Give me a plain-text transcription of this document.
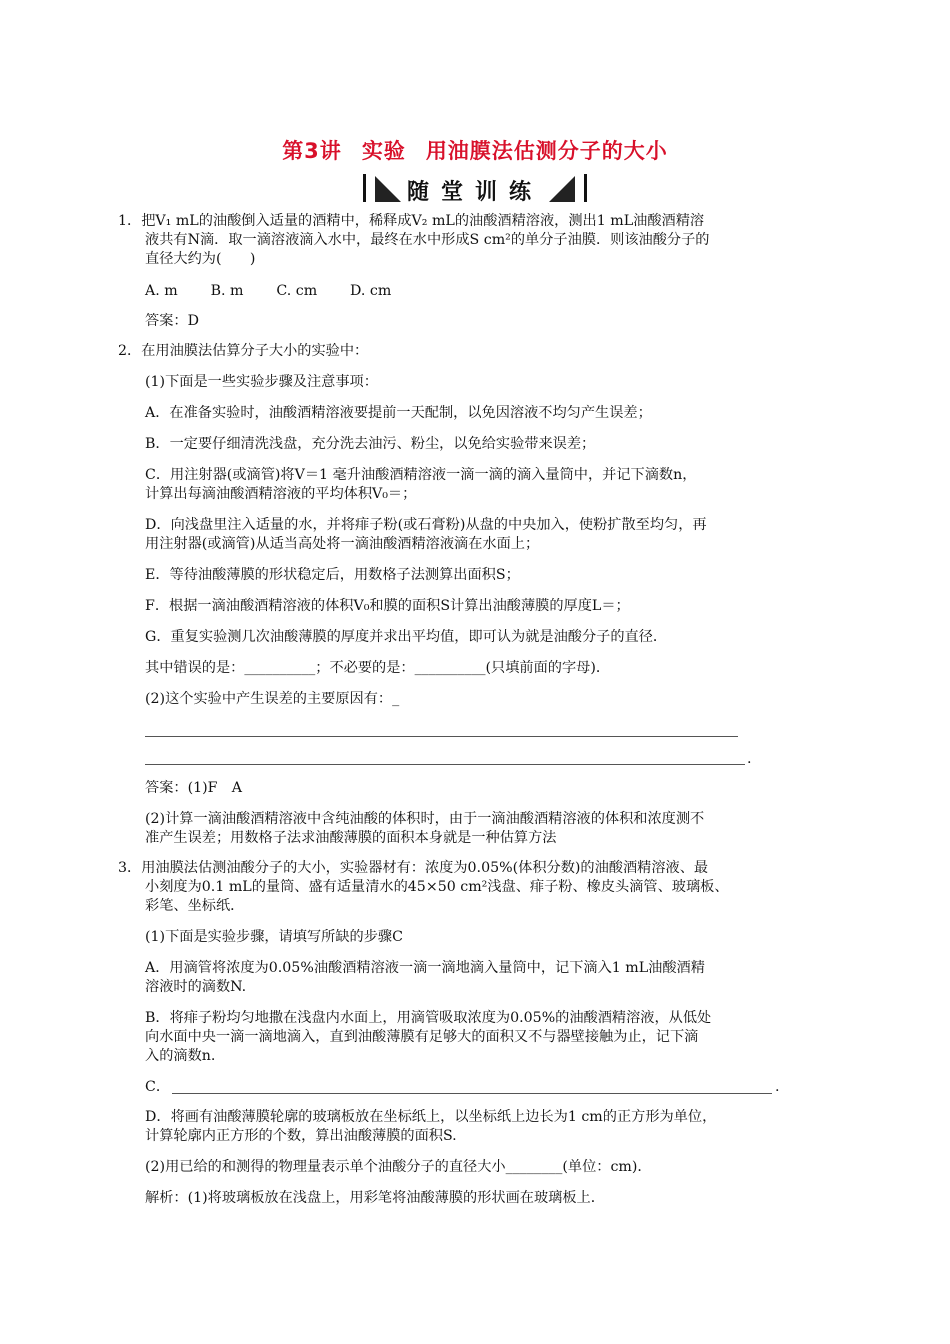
第3讲 实验 用油膜法估测分子的大小
随堂训练
1．把V₁ mL的油酸倒入适量的酒精中，稀释成V₂ mL的油酸酒精溶液，测出1 mL油酸酒精溶
液共有N滴．取一滴溶液滴入水中，最终在水中形成S cm²的单分子油膜．则该油酸分子的
直径大约为(　　)
A. m　　 B. m　　 C. cm　　 D. cm
答案：D
2．在用油膜法估算分子大小的实验中：
(1)下面是一些实验步骤及注意事项：
A．在准备实验时，油酸酒精溶液要提前一天配制，以免因溶液不均匀产生误差；
B．一定要仔细清洗浅盘，充分洗去油污、粉尘，以免给实验带来误差；
C．用注射器(或滴管)将V＝1 毫升油酸酒精溶液一滴一滴的滴入量筒中，并记下滴数n，
计算出每滴油酸酒精溶液的平均体积V₀＝；
D．向浅盘里注入适量的水，并将痱子粉(或石膏粉)从盘的中央加入，使粉扩散至均匀，再
用注射器(或滴管)从适当高处将一滴油酸酒精溶液滴在水面上；
E．等待油酸薄膜的形状稳定后，用数格子法测算出面积S；
F．根据一滴油酸酒精溶液的体积V₀和膜的面积S计算出油酸薄膜的厚度L＝；
G．重复实验测几次油酸薄膜的厚度并求出平均值，即可认为就是油酸分子的直径．
其中错误的是：__________；不必要的是：__________(只填前面的字母)．
(2)这个实验中产生误差的主要原因有：_
.
答案：(1)F　A
(2)计算一滴油酸酒精溶液中含纯油酸的体积时，由于一滴油酸酒精溶液的体积和浓度测不
准产生误差；用数格子法求油酸薄膜的面积本身就是一种估算方法
3．用油膜法估测油酸分子的大小，实验器材有：浓度为0.05%(体积分数)的油酸酒精溶液、最
小刻度为0.1 mL的量筒、盛有适量清水的45×50 cm²浅盘、痱子粉、橡皮头滴管、玻璃板、
彩笔、坐标纸．
(1)下面是实验步骤，请填写所缺的步骤C
A．用滴管将浓度为0.05%油酸酒精溶液一滴一滴地滴入量筒中，记下滴入1 mL油酸酒精
溶液时的滴数N.
B．将痱子粉均匀地撒在浅盘内水面上，用滴管吸取浓度为0.05%的油酸酒精溶液，从低处
向水面中央一滴一滴地滴入，直到油酸薄膜有足够大的面积又不与器壁接触为止，记下滴
入的滴数n.
C．	.
D．将画有油酸薄膜轮廓的玻璃板放在坐标纸上，以坐标纸上边长为1 cm的正方形为单位，
计算轮廓内正方形的个数，算出油酸薄膜的面积S.
(2)用已给的和测得的物理量表示单个油酸分子的直径大小________(单位：cm)．
解析：(1)将玻璃板放在浅盘上，用彩笔将油酸薄膜的形状画在玻璃板上．
